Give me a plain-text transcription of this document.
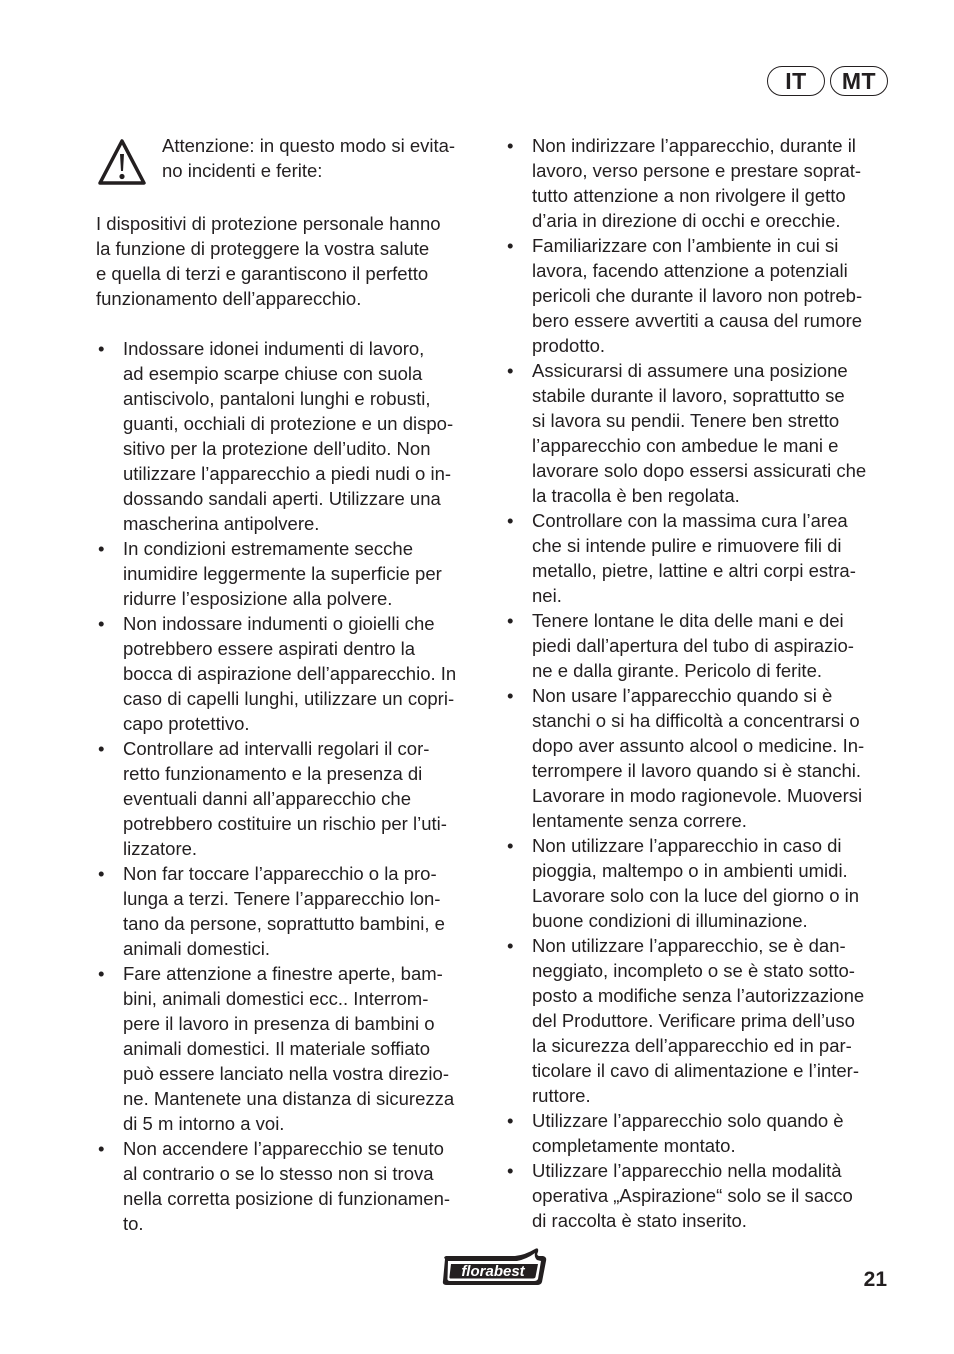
IT	MT
Attenzione: in questo modo si evita-
no incidenti e ferite:
I dispositivi di protezione personale hanno
la funzione di proteggere la vostra salute
e quella di terzi e garantiscono il perfetto
funzionamento dell’apparecchio.
• Indossare idonei indumenti di lavoro,
ad esempio scarpe chiuse con suola
antiscivolo, pantaloni lunghi e robusti,
guanti, occhiali di protezione e un dispo-
sitivo per la protezione dell’udito. Non
utilizzare l’apparecchio a piedi nudi o in-
dossando sandali aperti. Utilizzare una
mascherina antipolvere.
• In condizioni estremamente secche
inumidire leggermente la superficie per
ridurre l’esposizione alla polvere.
• Non indossare indumenti o gioielli che
potrebbero essere aspirati dentro la
bocca di aspirazione dell’apparecchio. In
caso di capelli lunghi, utilizzare un copri-
capo protettivo.
• Controllare ad intervalli regolari il cor-
retto funzionamento e la presenza di
eventuali danni all’apparecchio che
potrebbero costituire un rischio per l’uti-
lizzatore.
• Non far toccare l’apparecchio o la pro-
lunga a terzi. Tenere l’apparecchio lon-
tano da persone, soprattutto bambini, e
animali domestici.
• Fare attenzione a finestre aperte, bam-
bini, animali domestici ecc.. Interrom-
pere il lavoro in presenza di bambini o
animali domestici. Il materiale soffiato
può essere lanciato nella vostra direzio-
ne. Mantenete una distanza di sicurezza
di 5 m intorno a voi.
• Non accendere l’apparecchio se tenuto
al contrario o se lo stesso non si trova
nella corretta posizione di funzionamen-
to.
• Non indirizzare l’apparecchio, durante il
lavoro, verso persone e prestare soprat-
tutto attenzione a non rivolgere il getto
d’aria in direzione di occhi e orecchie.
• Familiarizzare con l’ambiente in cui si
lavora, facendo attenzione a potenziali
pericoli che durante il lavoro non potreb-
bero essere avvertiti a causa del rumore
prodotto.
• Assicurarsi di assumere una posizione
stabile durante il lavoro, soprattutto se
si lavora su pendii. Tenere ben stretto
l’apparecchio con ambedue le mani e
lavorare solo dopo essersi assicurati che
la tracolla è ben regolata.
• Controllare con la massima cura l’area
che si intende pulire e rimuovere fili di
metallo, pietre, lattine e altri corpi estra-
nei.
• Tenere lontane le dita delle mani e dei
piedi dall’apertura del tubo di aspirazio-
ne e dalla girante. Pericolo di ferite.
• Non usare l’apparecchio quando si è
stanchi o si ha difficoltà a concentrarsi o
dopo aver assunto alcool o medicine. In-
terrompere il lavoro quando si è stanchi.
Lavorare in modo ragionevole. Muoversi
lentamente senza correre.
• Non utilizzare l’apparecchio in caso di
pioggia, maltempo o in ambienti umidi.
Lavorare solo con la luce del giorno o in
buone condizioni di illuminazione.
• Non utilizzare l’apparecchio, se è dan-
neggiato, incompleto o se è stato sotto-
posto a modifiche senza l’autorizzazione
del Produttore. Verificare prima dell’uso
la sicurezza dell’apparecchio ed in par-
ticolare il cavo di alimentazione e l’inter-
ruttore.
• Utilizzare l’apparecchio solo quando è
completamente montato.
• Utilizzare l’apparecchio nella modalità
operativa „Aspirazione“ solo se il sacco
di raccolta è stato inserito.
florabest	21
